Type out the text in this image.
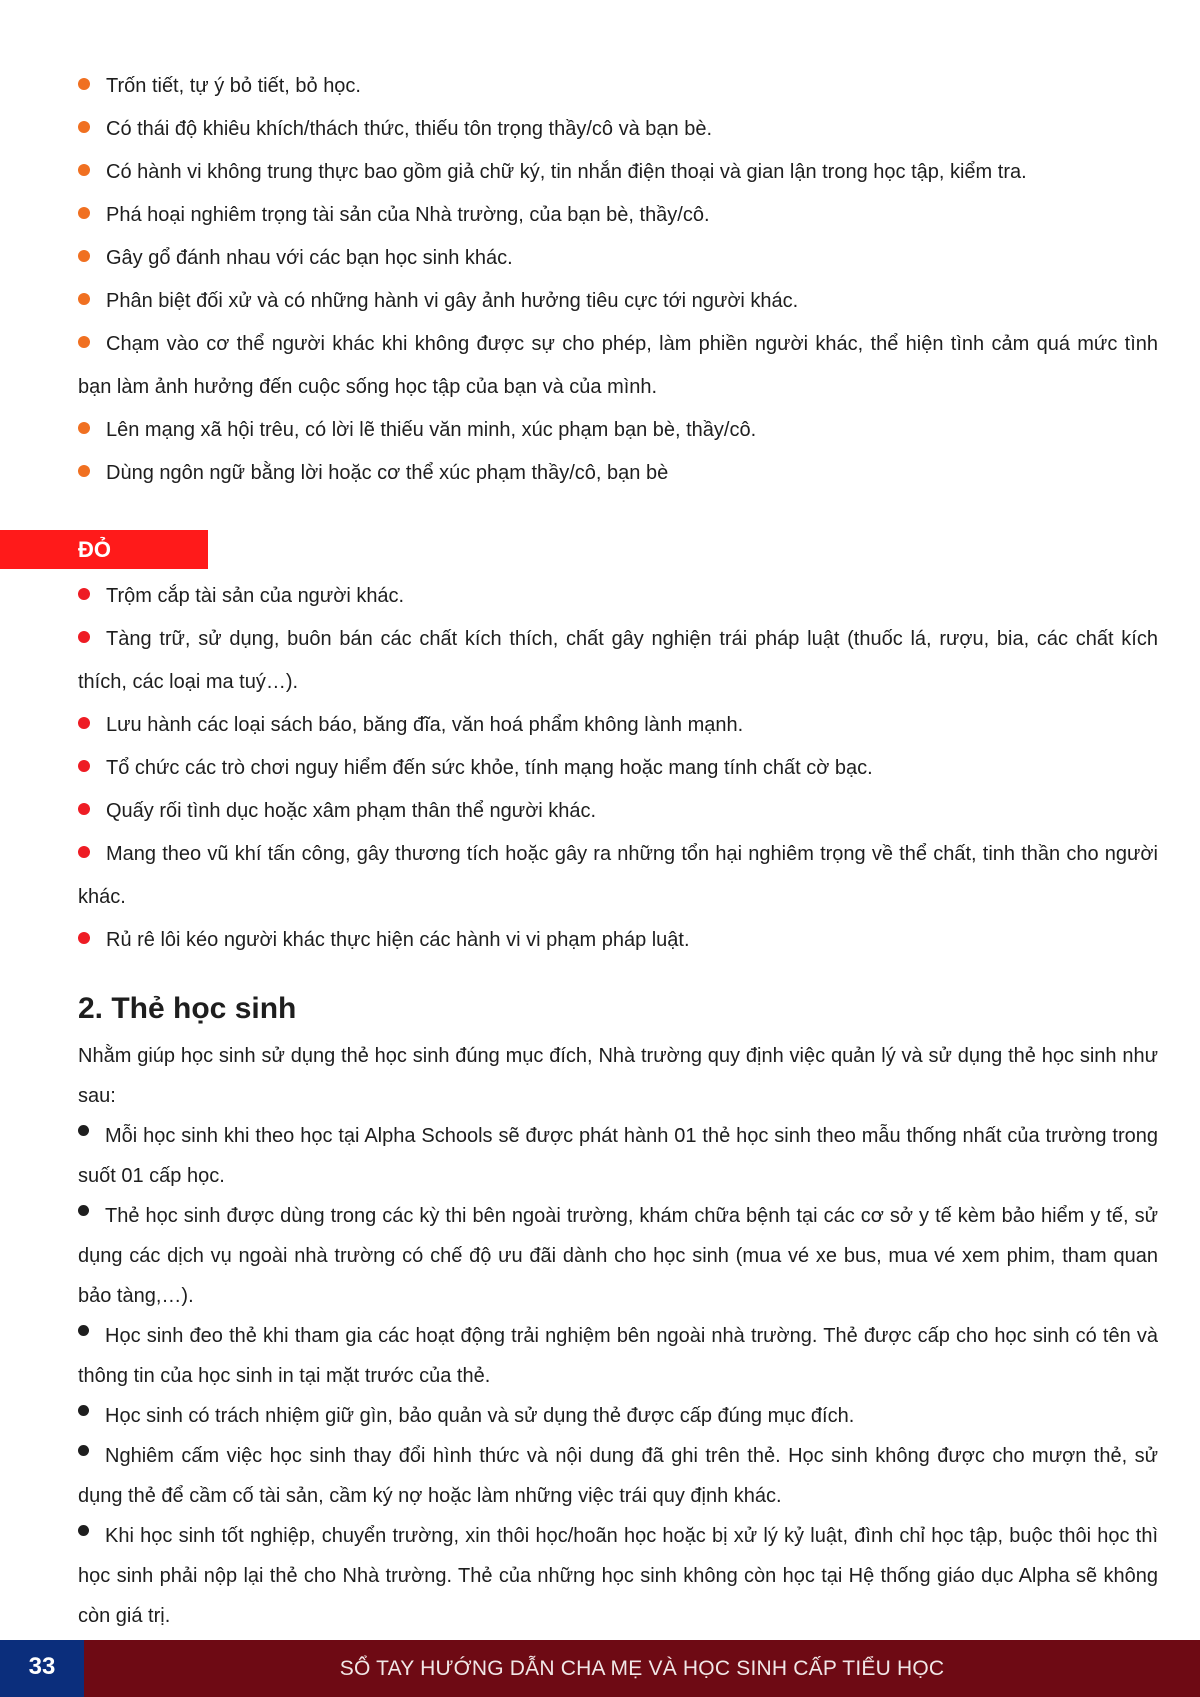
Trốn tiết, tự ý bỏ tiết, bỏ học.

Có thái độ khiêu khích/thách thức, thiếu tôn trọng thầy/cô và bạn bè.

Có hành vi không trung thực bao gồm giả chữ ký, tin nhắn điện thoại và gian lận trong học tập, kiểm tra.

Phá hoại nghiêm trọng tài sản của Nhà trường, của bạn bè, thầy/cô.

Gây gổ đánh nhau với các bạn học sinh khác.

Phân biệt đối xử và có những hành vi gây ảnh hưởng tiêu cực tới người khác.

Chạm vào cơ thể người khác khi không được sự cho phép, làm phiền người khác, thể hiện tình cảm quá mức tình bạn làm ảnh hưởng đến cuộc sống học tập của bạn và của mình.

Lên mạng xã hội trêu, có lời lẽ thiếu văn minh, xúc phạm bạn bè, thầy/cô.

Dùng ngôn ngữ bằng lời hoặc cơ thể xúc phạm thầy/cô, bạn bè

ĐỎ

Trộm cắp tài sản của người khác.

Tàng trữ, sử dụng, buôn bán các chất kích thích, chất gây nghiện trái pháp luật (thuốc lá, rượu, bia, các chất kích thích, các loại ma tuý…).

Lưu hành các loại sách báo, băng đĩa, văn hoá phẩm không lành mạnh.

Tổ chức các trò chơi nguy hiểm đến sức khỏe, tính mạng hoặc mang tính chất cờ bạc.

Quấy rối tình dục hoặc xâm phạm thân thể người khác.

Mang theo vũ khí tấn công, gây thương tích hoặc gây ra những tổn hại nghiêm trọng về thể chất, tinh thần cho người khác.

Rủ rê lôi kéo người khác thực hiện các hành vi vi phạm pháp luật.

2. Thẻ học sinh

Nhằm giúp học sinh sử dụng thẻ học sinh đúng mục đích, Nhà trường quy định việc quản lý và sử dụng thẻ học sinh như sau:

Mỗi học sinh khi theo học tại Alpha Schools sẽ được phát hành 01 thẻ học sinh theo mẫu thống nhất của trường trong suốt 01 cấp học.

Thẻ học sinh được dùng trong các kỳ thi bên ngoài trường, khám chữa bệnh tại các cơ sở y tế kèm bảo hiểm y tế, sử dụng các dịch vụ ngoài nhà trường có chế độ ưu đãi dành cho học sinh (mua vé xe bus, mua vé xem phim, tham quan bảo tàng,…).

Học sinh đeo thẻ khi tham gia các hoạt động trải nghiệm bên ngoài nhà trường. Thẻ được cấp cho học sinh có tên và thông tin của học sinh in tại mặt trước của thẻ.

Học sinh có trách nhiệm giữ gìn, bảo quản và sử dụng thẻ được cấp đúng mục đích.

Nghiêm cấm việc học sinh thay đổi hình thức và nội dung đã ghi trên thẻ. Học sinh không được cho mượn thẻ, sử dụng thẻ để cầm cố tài sản, cầm ký nợ hoặc làm những việc trái quy định khác.

Khi học sinh tốt nghiệp, chuyển trường, xin thôi học/hoãn học hoặc bị xử lý kỷ luật, đình chỉ học tập, buộc thôi học thì học sinh phải nộp lại thẻ cho Nhà trường. Thẻ của những học sinh không còn học tại Hệ thống giáo dục Alpha sẽ không còn giá trị.

33	SỔ TAY HƯỚNG DẪN CHA MẸ VÀ HỌC SINH CẤP TIỂU HỌC
